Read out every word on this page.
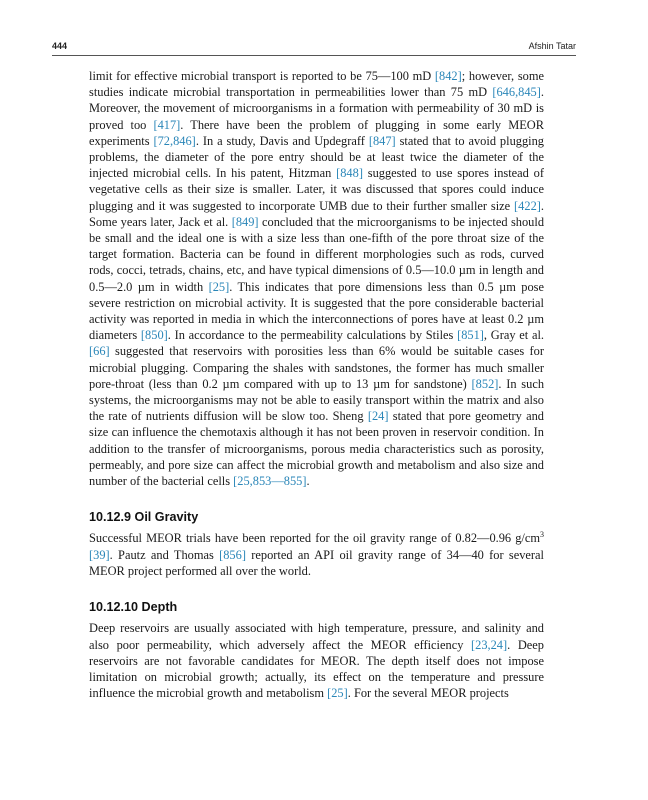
444	Afshin Tatar

limit for effective microbial transport is reported to be 75—100 mD [842]; however, some studies indicate microbial transportation in permeabilities lower than 75 mD [646,845]. Moreover, the movement of microorganisms in a formation with permeability of 30 mD is proved too [417]. There have been the problem of plugging in some early MEOR experiments [72,846]. In a study, Davis and Updegraff [847] stated that to avoid plugging problems, the diameter of the pore entry should be at least twice the diameter of the injected microbial cells. In his patent, Hitzman [848] suggested to use spores instead of vegetative cells as their size is smaller. Later, it was discussed that spores could induce plugging and it was suggested to incorporate UMB due to their further smaller size [422]. Some years later, Jack et al. [849] concluded that the microorganisms to be injected should be small and the ideal one is with a size less than one-fifth of the pore throat size of the target formation. Bacteria can be found in different morphologies such as rods, curved rods, cocci, tetrads, chains, etc, and have typical dimensions of 0.5—10.0 µm in length and 0.5—2.0 µm in width [25]. This indicates that pore dimensions less than 0.5 µm pose severe restriction on microbial activity. It is suggested that the pore considerable bacterial activity was reported in media in which the interconnections of pores have at least 0.2 µm diameters [850]. In accordance to the permeability calculations by Stiles [851], Gray et al. [66] suggested that reservoirs with porosities less than 6% would be suitable cases for microbial plugging. Comparing the shales with sandstones, the former has much smaller pore-throat (less than 0.2 µm compared with up to 13 µm for sandstone) [852]. In such systems, the microorganisms may not be able to easily transport within the matrix and also the rate of nutrients diffusion will be slow too. Sheng [24] stated that pore geometry and size can influence the chemotaxis although it has not been proven in reservoir condition. In addition to the transfer of microorganisms, porous media characteristics such as porosity, permeably, and pore size can affect the microbial growth and metabolism and also size and number of the bacterial cells [25,853—855].

10.12.9 Oil Gravity

Successful MEOR trials have been reported for the oil gravity range of 0.82—0.96 $g/cm^3$ [39]. Pautz and Thomas [856] reported an API oil gravity range of 34—40 for several MEOR project performed all over the world.

10.12.10 Depth

Deep reservoirs are usually associated with high temperature, pressure, and salinity and also poor permeability, which adversely affect the MEOR efficiency [23,24]. Deep reservoirs are not favorable candidates for MEOR. The depth itself does not impose limitation on microbial growth; actually, its effect on the temperature and pressure influence the microbial growth and metabolism [25]. For the several MEOR projects
